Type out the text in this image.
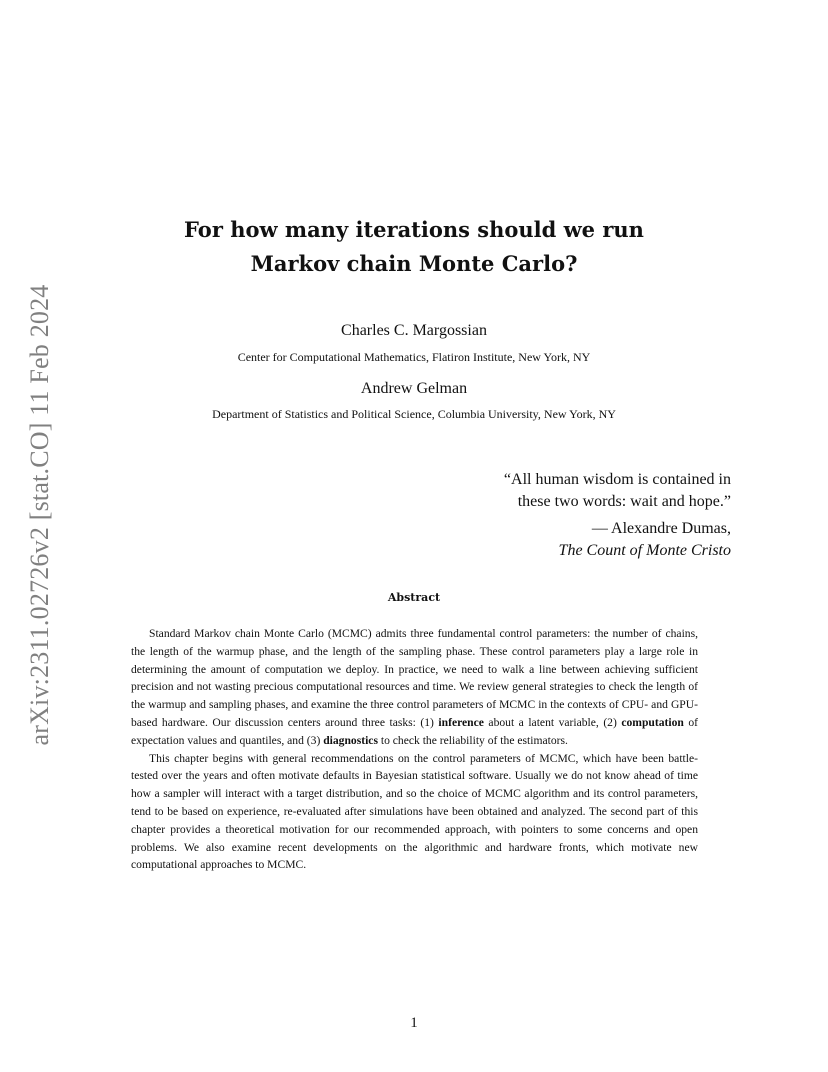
arXiv:2311.02726v2 [stat.CO] 11 Feb 2024
For how many iterations should we run
Markov chain Monte Carlo?
Charles C. Margossian
Center for Computational Mathematics, Flatiron Institute, New York, NY
Andrew Gelman
Department of Statistics and Political Science, Columbia University, New York, NY
“All human wisdom is contained in
these two words: wait and hope.”
— Alexandre Dumas,
The Count of Monte Cristo
Abstract

Standard Markov chain Monte Carlo (MCMC) admits three fundamental control parameters: the number of chains, the length of the warmup phase, and the length of the sampling phase. These control parameters play a large role in determining the amount of computation we deploy. In practice, we need to walk a line between achieving sufficient precision and not wasting precious computational resources and time. We review general strategies to check the length of the warmup and sampling phases, and examine the three control parameters of MCMC in the contexts of CPU- and GPU-based hardware. Our discussion centers around three tasks: (1) inference about a latent variable, (2) computation of expectation values and quantiles, and (3) diagnostics to check the reliability of the estimators.

This chapter begins with general recommendations on the control parameters of MCMC, which have been battle-tested over the years and often motivate defaults in Bayesian statistical software. Usually we do not know ahead of time how a sampler will interact with a target distribution, and so the choice of MCMC algorithm and its control parameters, tend to be based on experience, re-evaluated after simulations have been obtained and analyzed. The second part of this chapter provides a theoretical motivation for our recommended approach, with pointers to some concerns and open problems. We also examine recent developments on the algorithmic and hardware fronts, which motivate new computational approaches to MCMC.

1
